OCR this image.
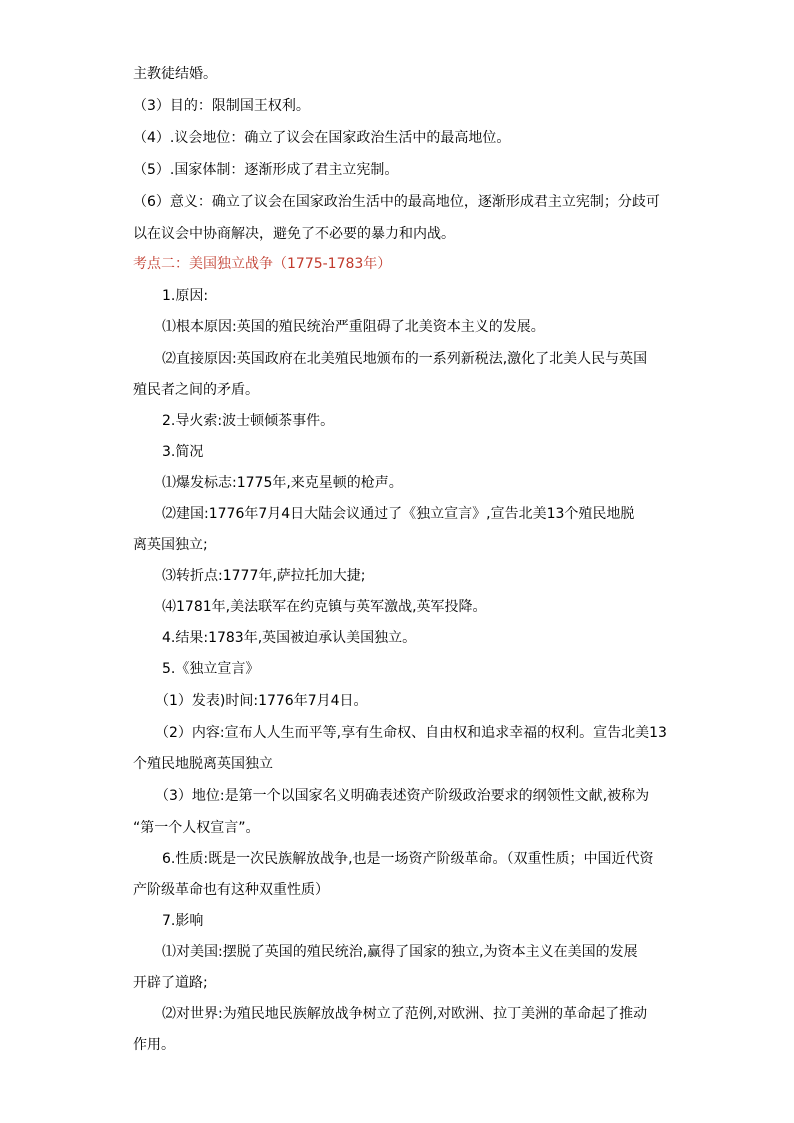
主教徒结婚。
（3）目的：限制国王权利。
（4）.议会地位：确立了议会在国家政治生活中的最高地位。
（5）.国家体制：逐渐形成了君主立宪制。
（6）意义：确立了议会在国家政治生活中的最高地位，逐渐形成君主立宪制；分歧可
以在议会中协商解决，避免了不必要的暴力和内战。
考点二：美国独立战争（1775-1783年）
1.原因:
⑴根本原因:英国的殖民统治严重阻碍了北美资本主义的发展。
⑵直接原因:英国政府在北美殖民地颁布的一系列新税法,激化了北美人民与英国
殖民者之间的矛盾。
2.导火索:波士顿倾茶事件。
3.简况
⑴爆发标志:1775年,来克星顿的枪声。
⑵建国:1776年7月4日大陆会议通过了《独立宣言》,宣告北美13个殖民地脱
离英国独立;
⑶转折点:1777年,萨拉托加大捷;
⑷1781年,美法联军在约克镇与英军激战,英军投降。
4.结果:1783年,英国被迫承认美国独立。
5.《独立宣言》
（1）发表)时间:1776年7月4日。
（2）内容:宣布人人生而平等,享有生命权、自由权和追求幸福的权利。宣告北美13
个殖民地脱离英国独立
（3）地位:是第一个以国家名义明确表述资产阶级政治要求的纲领性文献,被称为
“第一个人权宣言”。
6.性质:既是一次民族解放战争,也是一场资产阶级革命。（双重性质；中国近代资
产阶级革命也有这种双重性质）
7.影响
⑴对美国:摆脱了英国的殖民统治,赢得了国家的独立,为资本主义在美国的发展
开辟了道路;
⑵对世界:为殖民地民族解放战争树立了范例,对欧洲、拉丁美洲的革命起了推动
作用。
